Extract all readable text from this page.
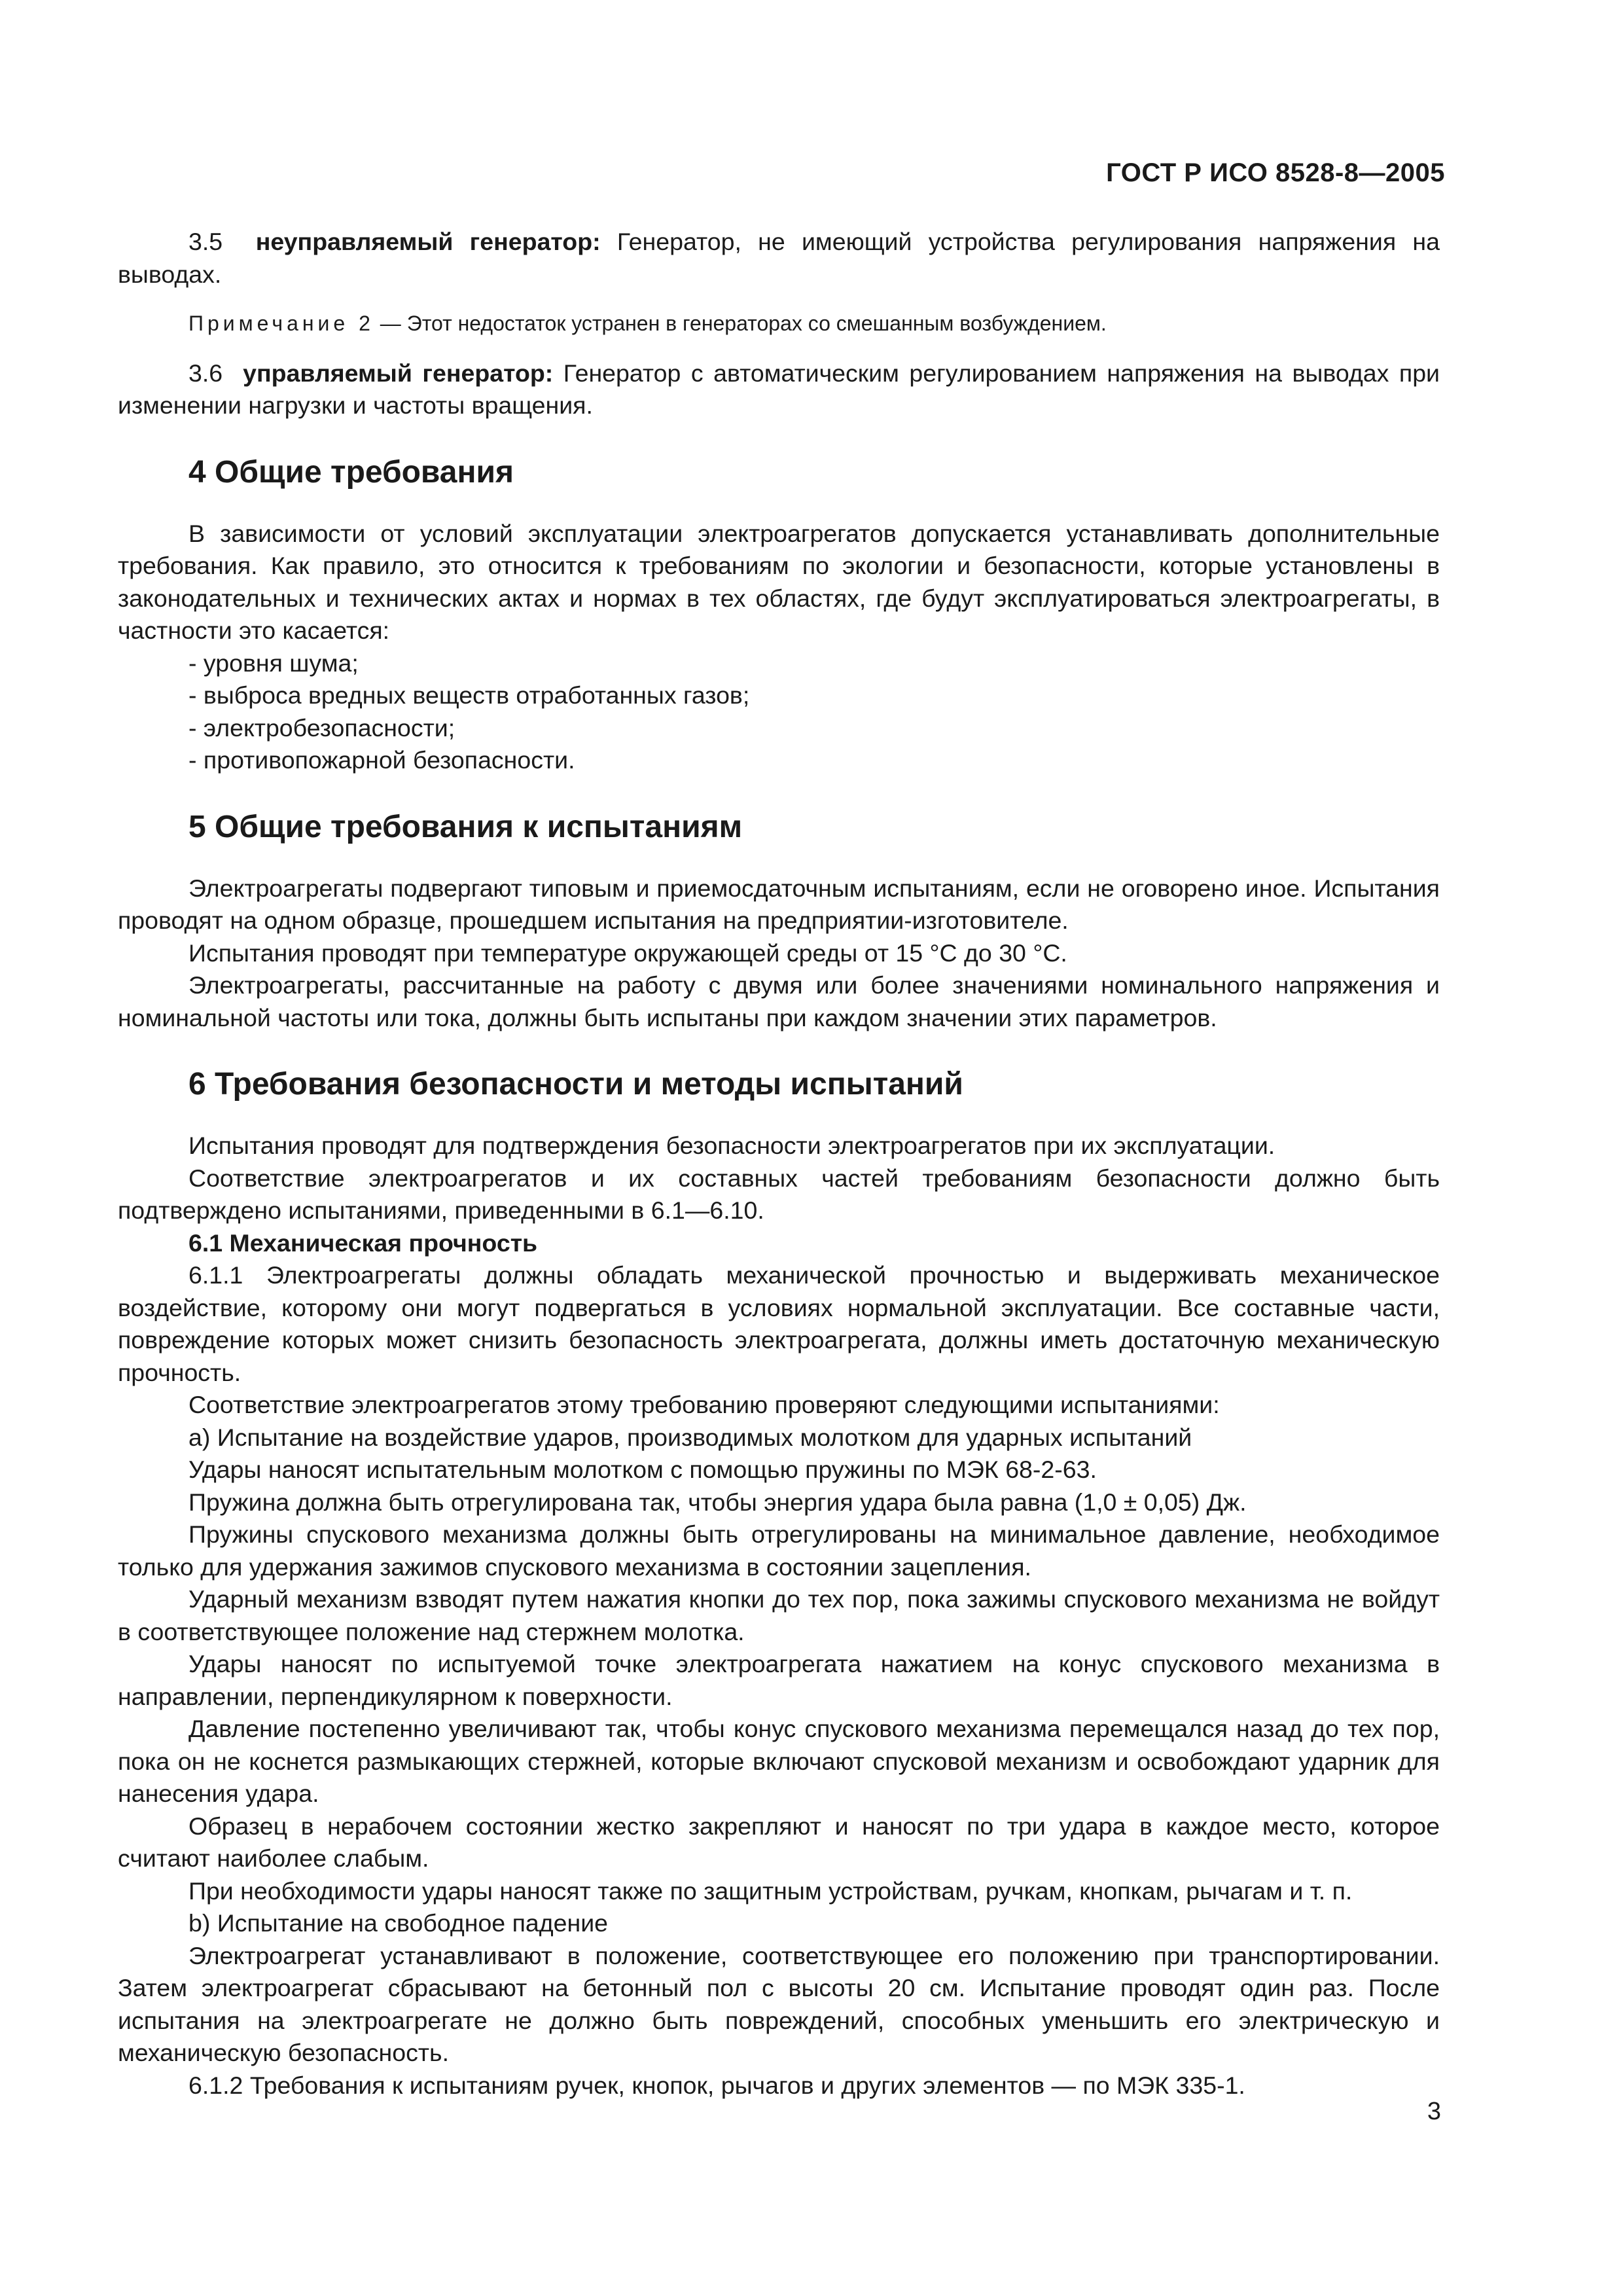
ГОСТ Р ИСО 8528-8—2005

3.5 неуправляемый генератор: Генератор, не имеющий устройства регулирования напряжения на выводах.

Примечание 2 — Этот недостаток устранен в генераторах со смешанным возбуждением.

3.6 управляемый генератор: Генератор с автоматическим регулированием напряжения на выводах при изменении нагрузки и частоты вращения.

4 Общие требования

В зависимости от условий эксплуатации электроагрегатов допускается устанавливать дополнительные требования. Как правило, это относится к требованиям по экологии и безопасности, которые установлены в законодательных и технических актах и нормах в тех областях, где будут эксплуатироваться электроагрегаты, в частности это касается:

- уровня шума;

- выброса вредных веществ отработанных газов;

- электробезопасности;

- противопожарной безопасности.

5 Общие требования к испытаниям

Электроагрегаты подвергают типовым и приемосдаточным испытаниям, если не оговорено иное. Испытания проводят на одном образце, прошедшем испытания на предприятии-изготовителе.

Испытания проводят при температуре окружающей среды от 15 °С до 30 °С.

Электроагрегаты, рассчитанные на работу с двумя или более значениями номинального напряжения и номинальной частоты или тока, должны быть испытаны при каждом значении этих параметров.

6 Требования безопасности и методы испытаний

Испытания проводят для подтверждения безопасности электроагрегатов при их эксплуатации.

Соответствие электроагрегатов и их составных частей требованиям безопасности должно быть подтверждено испытаниями, приведенными в 6.1—6.10.

6.1 Механическая прочность

6.1.1 Электроагрегаты должны обладать механической прочностью и выдерживать механическое воздействие, которому они могут подвергаться в условиях нормальной эксплуатации. Все составные части, повреждение которых может снизить безопасность электроагрегата, должны иметь достаточную механическую прочность.

Соответствие электроагрегатов этому требованию проверяют следующими испытаниями:

а) Испытание на воздействие ударов, производимых молотком для ударных испытаний

Удары наносят испытательным молотком с помощью пружины по МЭК 68-2-63.

Пружина должна быть отрегулирована так, чтобы энергия удара была равна (1,0 ± 0,05) Дж.

Пружины спускового механизма должны быть отрегулированы на минимальное давление, необходимое только для удержания зажимов спускового механизма в состоянии зацепления.

Ударный механизм взводят путем нажатия кнопки до тех пор, пока зажимы спускового механизма не войдут в соответствующее положение над стержнем молотка.

Удары наносят по испытуемой точке электроагрегата нажатием на конус спускового механизма в направлении, перпендикулярном к поверхности.

Давление постепенно увеличивают так, чтобы конус спускового механизма перемещался назад до тех пор, пока он не коснется размыкающих стержней, которые включают спусковой механизм и освобождают ударник для нанесения удара.

Образец в нерабочем состоянии жестко закрепляют и наносят по три удара в каждое место, которое считают наиболее слабым.

При необходимости удары наносят также по защитным устройствам, ручкам, кнопкам, рычагам и т. п.

b) Испытание на свободное падение

Электроагрегат устанавливают в положение, соответствующее его положению при транспортировании. Затем электроагрегат сбрасывают на бетонный пол с высоты 20 см. Испытание проводят один раз. После испытания на электроагрегате не должно быть повреждений, способных уменьшить его электрическую и механическую безопасность.

6.1.2 Требования к испытаниям ручек, кнопок, рычагов и других элементов — по МЭК 335-1.

3
